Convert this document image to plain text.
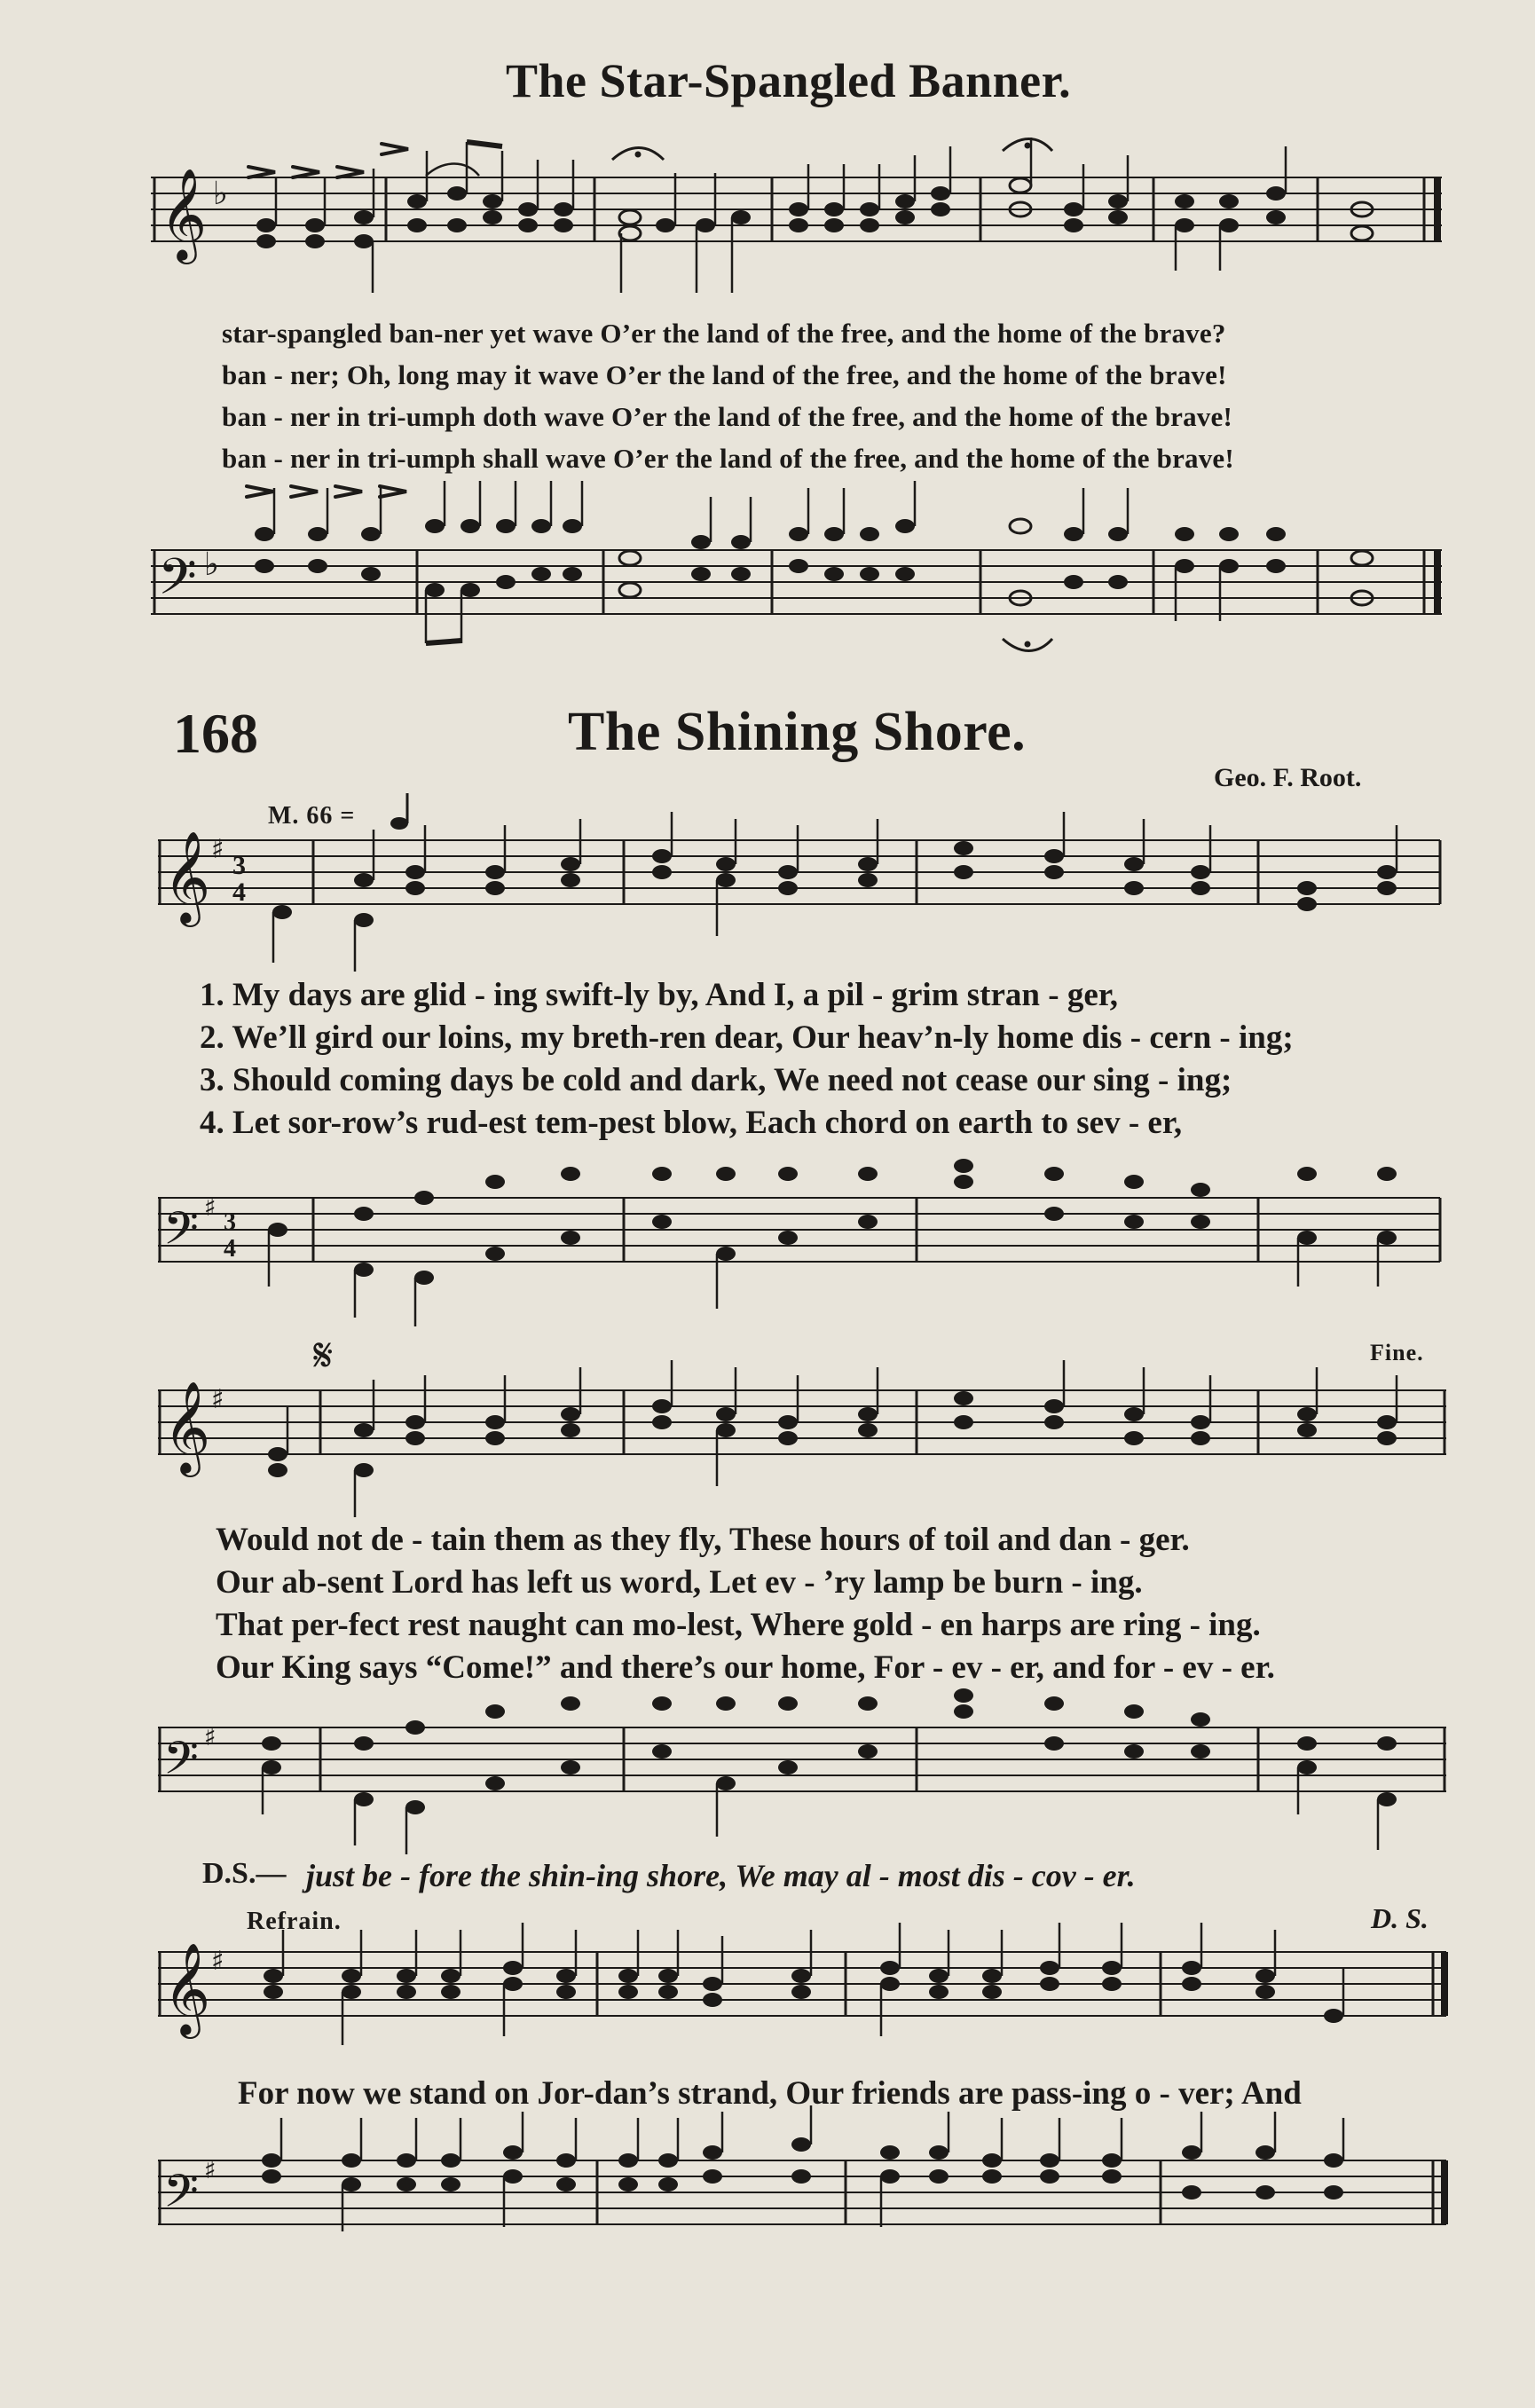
The Star-Spangled Banner.
𝄞 ♭
star-spangled ban-ner yet wave O’er the land of the free, and the home of the brave?
ban - ner; Oh, long may it wave O’er the land of the free, and the home of the brave!
ban - ner in tri-umph doth wave O’er the land of the free, and the home of the brave!
ban - ner in tri-umph shall wave O’er the land of the free, and the home of the brave!
𝄢 ♭
168	The Shining Shore.
Geo. F. Root.
M. 66 =
𝄞 ♯
3
4
1. My days are glid - ing swift-ly by, And I, a pil - grim stran - ger,
2. We’ll gird our loins, my breth-ren dear, Our heav’n-ly home dis - cern - ing;
3. Should coming days be cold and dark, We need not cease our sing - ing;
4. Let sor-row’s rud-est tem-pest blow, Each chord on earth to sev - er,
𝄢 ♯
3
4
𝄋
𝄞 ♯
Fine.
Would not de - tain them as they fly, These hours of toil and dan - ger.
Our ab-sent Lord has left us word, Let ev - ’ry lamp be burn - ing.
That per-fect rest naught can mo-lest, Where gold - en harps are ring - ing.
Our King says “Come!” and there’s our home, For - ev - er, and for - ev - er.
𝄢 ♯
D.S.— just be - fore the shin-ing shore, We may al - most dis - cov - er.
Refrain.	D. S.
𝄞 ♯
For now we stand on Jor-dan’s strand, Our friends are pass-ing o - ver; And
𝄢 ♯
